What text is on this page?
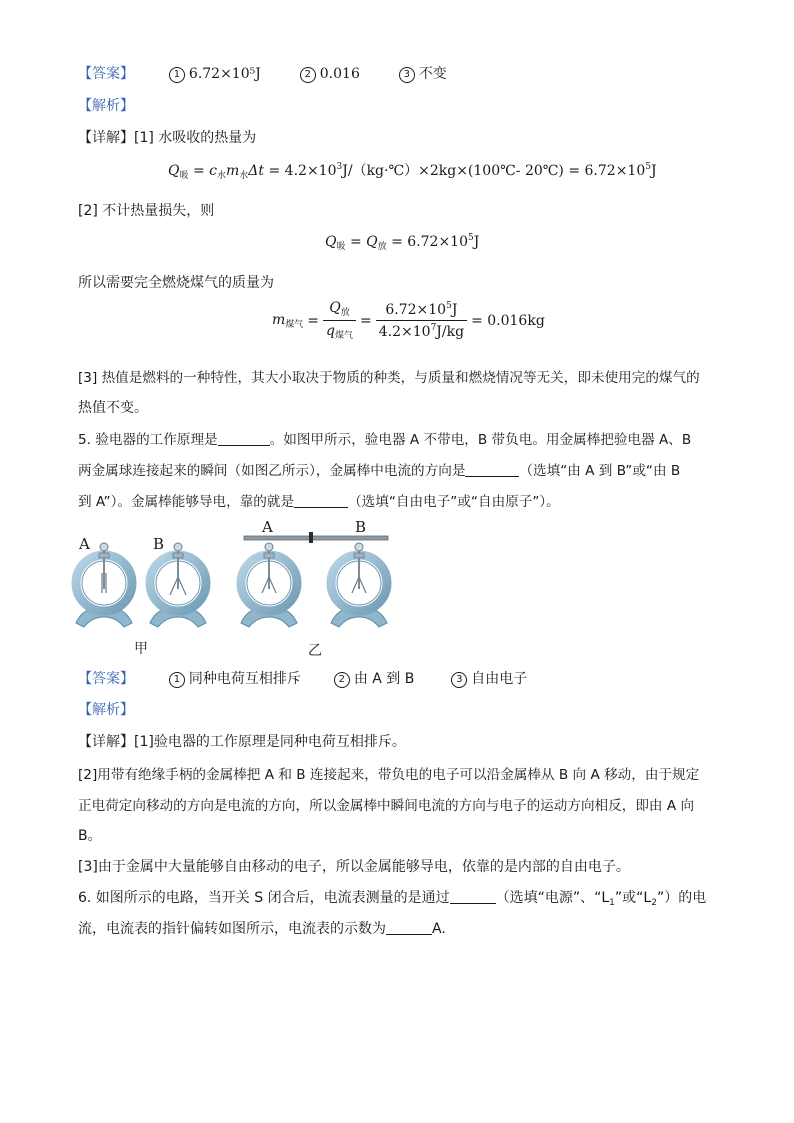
【答案】	1 6.72×10⁵J	2 0.016	3 不变
【解析】
【详解】[1] 水吸收的热量为
$Q_吸 = c_水m_水\Delta t$ = $4.2\times 10^3J/(kg\cdot℃)\times 2kg\times(100℃-$ 20℃) = $6.72\times 10^5J$
[2] 不计热量损失，则
$Q_吸 = Q_放 = 6.72\times 10^5J$
所以需要完全燃烧煤气的质量为
$m_{煤气} = \frac{Q_放}{q_{煤气}} = \frac{6.72\times 10^5J}{4.2\times 10^7J/kg} = 0.016kg$
[3] 热值是燃料的一种特性，其大小取决于物质的种类，与质量和燃烧情况等无关，即未使用完的煤气的
热值不变。
5. 验电器的工作原理是	。如图甲所示，验电器 A 不带电，B 带负电。用金属棒把验电器 A、B
两金属球连接起来的瞬间（如图乙所示），金属棒中电流的方向是	（选填“由 A 到 B”或“由 B
到 A”）。金属棒能够导电，靠的就是	（选填“自由电子”或“自由原子”）。
A	B
A	B
甲	乙
【答案】	1 同种电荷互相排斥	2 由 A 到 B	3 自由电子
【解析】
【详解】[1]验电器的工作原理是同种电荷互相排斥。
[2]用带有绝缘手柄的金属棒把 A 和 B 连接起来，带负电的电子可以沿金属棒从 B 向 A 移动，由于规定
正电荷定向移动的方向是电流的方向，所以金属棒中瞬间电流的方向与电子的运动方向相反，即由 A 向
B。
[3]由于金属中大量能够自由移动的电子，所以金属能够导电，依靠的是内部的自由电子。
6. 如图所示的电路，当开关 S 闭合后，电流表测量的是通过	（选填“电源”、“$L_1$”或“$L_2$”）的电
流，电流表的指针偏转如图所示，电流表的示数为	A.
